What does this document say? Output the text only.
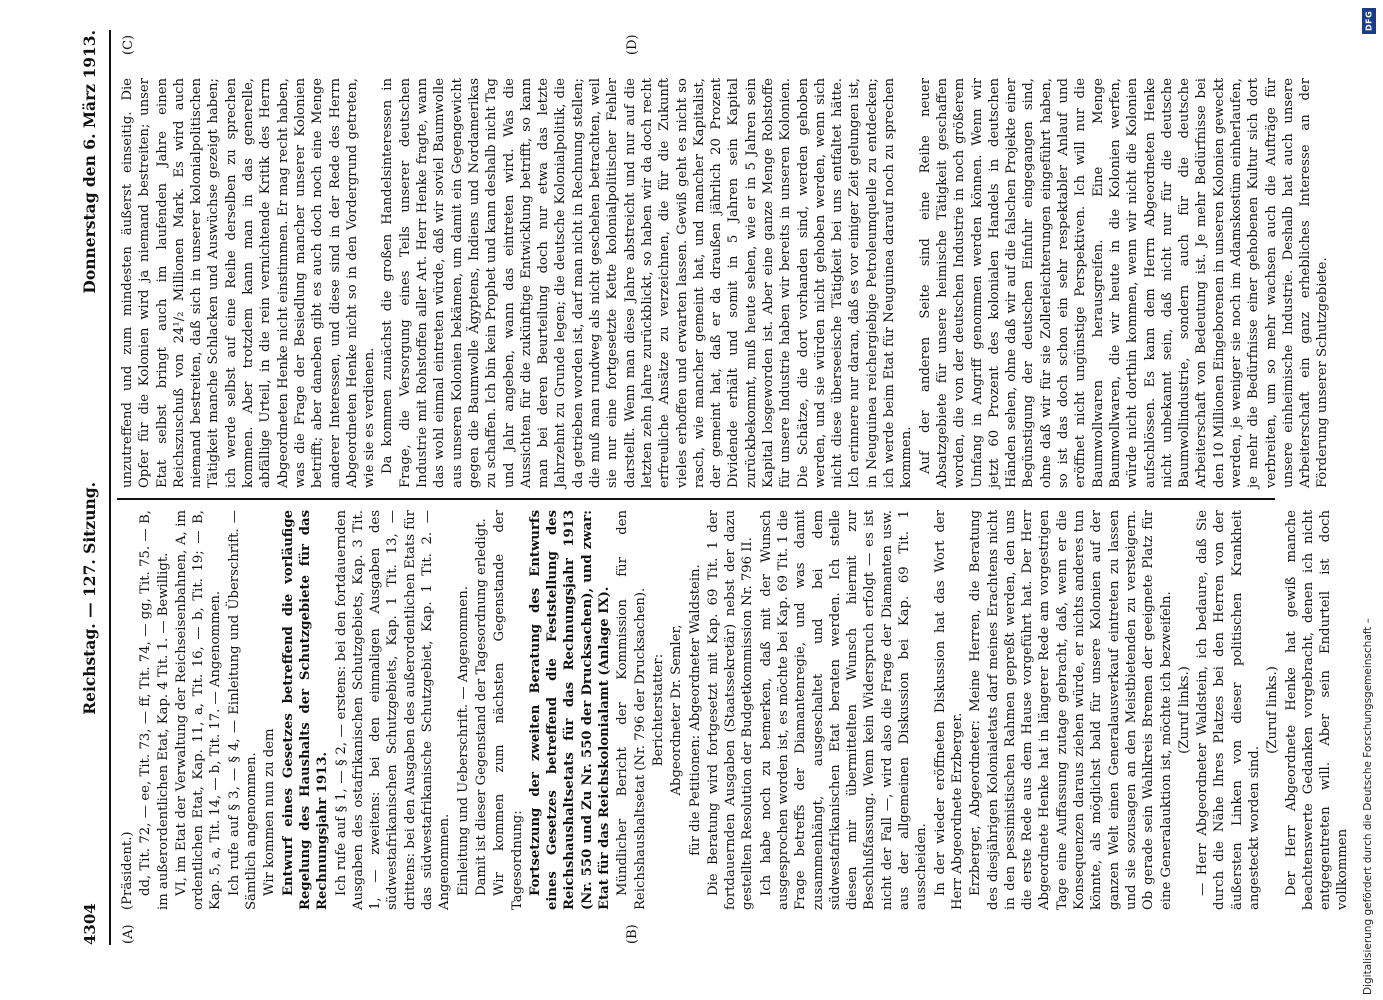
4304
Reichstag. — 127. Sitzung.
Donnerstag den 6. März 1913.
(A)	(B)
(C)	(D)

(Präsident.) dd, Tit. 72, — ee, Tit. 73, — ff, Tit. 74, — gg, Tit. 75. — B, im außerordentlichen Etat, Kap. 4 Tit. 1. — Bewilligt. VI, im Etat der Verwaltung der Reichseisenbahnen, A, im ordentlichen Etat, Kap. 11, a, Tit. 16, — b, Tit. 19; — B, Kap. 5, a, Tit. 14, — b, Tit. 17. — Angenommen. Ich rufe auf § 3, — § 4, — Einleitung und Überschrift. — Sämtlich angenommen. Wir kommen nun zu dem Entwurf eines Gesetzes betreffend die vorläufige Regelung des Haushalts der Schutzgebiete für das Rechnungsjahr 1913. Ich rufe auf § 1, — § 2, — erstens: bei den fortdauernden Ausgaben des ostafrikanischen Schutzgebiets, Kap. 3 Tit. 1, — zweitens: bei den einmaligen Ausgaben des südwestafrikanischen Schutzgebiets, Kap. 1 Tit. 13, — drittens: bei den Ausgaben des außerordentlichen Etats für das südwestafrikanische Schutzgebiet, Kap. 1 Tit. 2. — Angenommen. Einleitung und Ueberschrift. — Angenommen. Damit ist dieser Gegenstand der Tagesordnung erledigt. Wir kommen zum nächsten Gegenstande der Tagesordnung: Fortsetzung der zweiten Beratung des Entwurfs eines Gesetzes betreffend die Feststellung des Reichshaushaltsetats für das Rechnungsjahr 1913 (Nr. 550 und Zu Nr. 550 der Drucksachen), und zwar: Etat für das Reichskolonialamt (Anlage IX). Mündlicher Bericht der Kommission für den Reichshaushaltsetat (Nr. 796 der Drucksachen). Berichterstatter: Abgeordneter Dr. Semler, für die Petitionen: Abgeordneter Waldstein. Die Beratung wird fortgesetzt mit Kap. 69 Tit. 1 der fortdauernden Ausgaben (Staatssekretär) nebst der dazu gestellten Resolution der Budgetkommission Nr. 796 II. Ich habe noch zu bemerken, daß mit der Wunsch ausgesprochen worden ist, es möchte bei Kap. 69 Tit. 1 die Frage betreffs der Diamantenregie, und was damit zusammenhängt, ausgeschaltet und bei dem südwestafrikanischen Etat beraten werden. Ich stelle diesen mir übermittelten Wunsch hiermit zur Beschlußfassung. Wenn kein Widerspruch erfolgt — es ist nicht der Fall —, wird also die Frage der Diamanten usw. aus der allgemeinen Diskussion bei Kap. 69 Tit. 1 ausscheiden. In der wieder eröffneten Diskussion hat das Wort der Herr Abgeordnete Erzberger. Erzberger, Abgeordneter: Meine Herren, die Beratung des diesjährigen Kolonialetats darf meines Erachtens nicht in den pessimistischen Rahmen gepreßt werden, den uns die erste Rede aus dem Hause vorgeführt hat. Der Herr Abgeordnete Henke hat in längerer Rede am vorgestrigen Tage eine Auffassung zutage gebracht, daß, wenn er die Konsequenzen daraus ziehen würde, er nichts anderes tun könnte, als möglichst bald für unsere Kolonien auf der ganzen Welt einen Generalausverkauf eintreten zu lassen und sie sozusagen an den Meistbietenden zu versteigern. Ob gerade sein Wahlkreis Bremen der geeignete Platz für eine Generalauktion ist, möchte ich bezweifeln. (Zuruf links.) — Herr Abgeordneter Waldstein, ich bedaure, daß Sie durch die Nähe Ihres Platzes bei den Herren von der äußersten Linken von dieser politischen Krankheit angesteckt worden sind.

(Zuruf links.) Der Herr Abgeordnete Henke hat gewiß manche beachtenswerte Gedanken vorgebracht, denen ich nicht entgegentreten will. Aber sein Endurteil ist doch vollkommen

unzutreffend und zum mindesten äußerst einseitig. Die Opfer für die Kolonien wird ja niemand bestreiten; unser Etat selbst bringt auch im laufenden Jahre einen Reichszuschuß von 24¹/₂ Millionen Mark. Es wird auch niemand bestreiten, daß sich in unserer kolonialpolitischen Tätigkeit manche Schlacken und Auswüchse gezeigt haben; ich werde selbst auf eine Reihe derselben zu sprechen kommen. Aber trotzdem kann man in das generelle, abfällige Urteil, in die rein vernichtende Kritik des Herrn Abgeordneten Henke nicht einstimmen. Er mag recht haben, was die Frage der Besiedlung mancher unserer Kolonien betrifft; aber daneben gibt es auch doch noch eine Menge anderer Interessen, und diese sind in der Rede des Herrn Abgeordneten Henke nicht so in den Vordergrund getreten, wie sie es verdienen. Da kommen zunächst die großen Handelsinteressen in Frage, die Versorgung eines Teils unserer deutschen Industrie mit Rohstoffen aller Art. Herr Henke fragte, wann das wohl einmal eintreten würde, daß wir soviel Baumwolle aus unseren Kolonien bekämen, um damit ein Gegengewicht gegen die Baumwolle Ägyptens, Indiens und Nordamerikas zu schaffen. Ich bin kein Prophet und kann deshalb nicht Tag und Jahr angeben, wann das eintreten wird. Was die Aussichten für die zukünftige Entwicklung betrifft, so kann man bei deren Beurteilung doch nur etwa das letzte Jahrzehnt zu Grunde legen; die deutsche Kolonialpolitik, die da getrieben worden ist, darf man nicht in Rechnung stellen; die muß man rundweg als nicht geschehen betrachten, weil sie nur eine fortgesetzte Kette kolonialpolitischer Fehler darstellt. Wenn man diese Jahre abstreicht und nur auf die letzten zehn Jahre zurückblickt, so haben wir da doch recht erfreuliche Ansätze zu verzeichnen, die für die Zukunft vieles erhoffen und erwarten lassen. Gewiß geht es nicht so rasch, wie mancher gemeint hat, und mancher Kapitalist, der gemeint hat, daß er da draußen jährlich 20 Prozent Dividende erhält und somit in 5 Jahren sein Kapital zurückbekommt, muß heute sehen, wie er in 5 Jahren sein Kapital losgeworden ist. Aber eine ganze Menge Rohstoffe für unsere Industrie haben wir bereits in unseren Kolonien. Die Schätze, die dort vorhanden sind, werden gehoben werden, und sie würden nicht gehoben werden, wenn sich nicht diese überseeische Tätigkeit bei uns entfaltet hätte. Ich erinnere nur daran, daß es vor einiger Zeit gelungen ist, in Neuguinea reichergiebige Petroleumquelle zu entdecken; ich werde beim Etat für Neuguinea darauf noch zu sprechen kommen. Auf der anderen Seite sind eine Reihe neuer Absatzgebiete für unsere heimische Tätigkeit geschaffen worden, die von der deutschen Industrie in noch größerem Umfang in Angriff genommen werden können. Wenn wir jetzt 60 Prozent des kolonialen Handels in deutschen Händen sehen, ohne daß wir auf die falschen Projekte einer Begünstigung der deutschen Einfuhr eingegangen sind, ohne daß wir für sie Zollerleichterungen eingeführt haben, so ist das doch schon ein sehr respektabler Anlauf und eröffnet nicht ungünstige Perspektiven. Ich will nur die Baumwollwaren herausgreifen. Eine Menge Baumwollwaren, die wir heute in die Kolonien werfen, würde nicht dorthin kommen, wenn wir nicht die Kolonien aufschlössen. Es kann dem Herrn Abgeordneten Henke nicht unbekannt sein, daß nicht nur für die deutsche Baumwollindustrie, sondern auch für die deutsche Arbeiterschaft von Bedeutung ist. Je mehr Bedürfnisse bei den 10 Millionen Eingeborenen in unseren Kolonien geweckt werden, je weniger sie noch im Adamskostüm einherlaufen, je mehr die Bedürfnisse einer gehobenen Kultur sich dort verbreiten, um so mehr wachsen auch die Aufträge für unsere einheimische Industrie. Deshalb hat auch unsere Arbeiterschaft ein ganz erhebliches Interesse an der Förderung unserer Schutzgebiete.

DFG
Digitalisierung gefördert durch die Deutsche Forschungsgemeinschaft –
